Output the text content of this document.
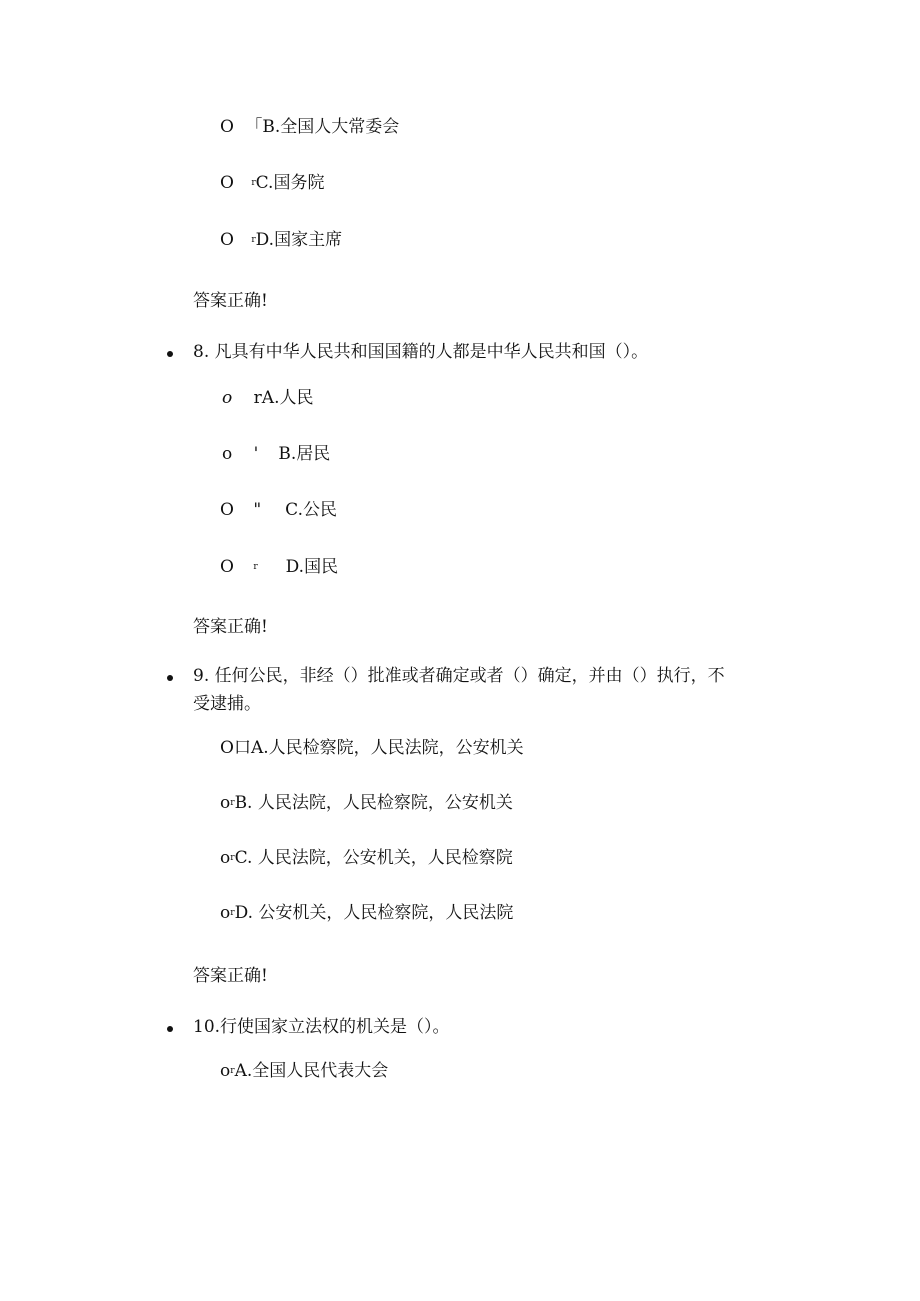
O 「B.全国人大常委会
O $^r$C.国务院
O $^r$D.国家主席
答案正确!
8. 凡具有中华人民共和国国籍的人都是中华人民共和国（）。
o rA.人民
o ' B.居民
O " C.公民
O $^r$ D.国民
答案正确!
9. 任何公民，非经（）批准或者确定或者（）确定，并由（）执行，不
受逮捕。
O口A.人民检察院，人民法院，公安机关
$o^rB$. 人民法院，人民检察院，公安机关
$o^rC$. 人民法院，公安机关，人民检察院
$o^rD$. 公安机关，人民检察院，人民法院
答案正确!
10.行使国家立法权的机关是（）。
$o^rA$.全国人民代表大会
